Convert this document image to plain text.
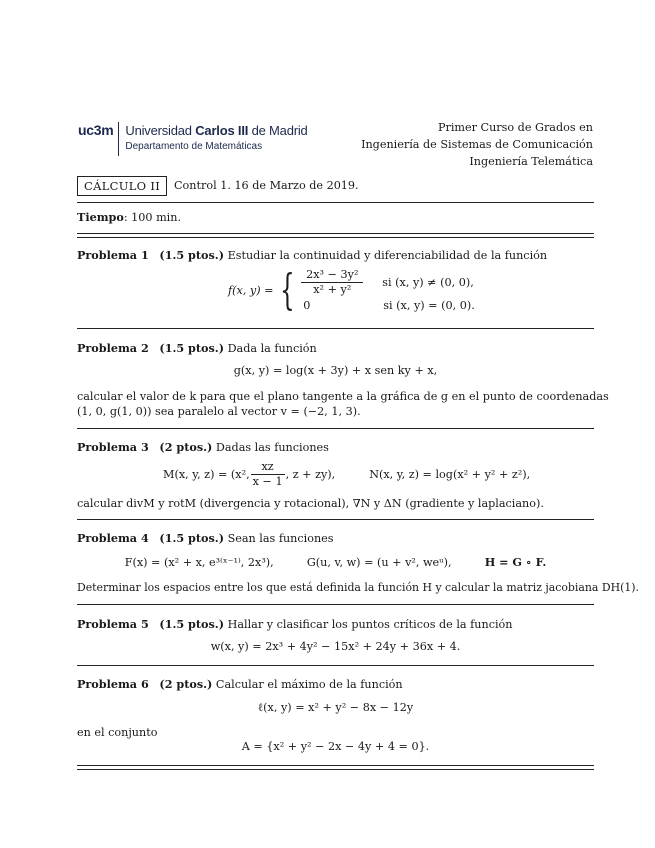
uc3m Universidad Carlos III de Madrid
Departamento de Matemáticas
Primer Curso de Grados en
Ingeniería de Sistemas de Comunicación
Ingeniería Telemática
CÁLCULO II	Control 1. 16 de Marzo de 2019.
Tiempo: 100 min.
Problema 1 (1.5 ptos.) Estudiar la continuidad y diferenciabilidad de la función
f(x, y) = { $\frac{\text{2x³ − 3y²}}{\text{x² + y²}}$ si (x, y) ≠ (0, 0),
0	si (x, y) = (0, 0).
Problema 2 (1.5 ptos.) Dada la función
g(x, y) = log(x + 3y) + x sen ky + x,
calcular el valor de k para que el plano tangente a la gráfica de g en el punto de coordenadas
(1, 0, g(1, 0)) sea paralelo al vector v = (−2, 1, 3).
Problema 3 (2 ptos.) Dadas las funciones
M(x, y, z) = (x², $\frac{xz}{x - 1}$ , z + zy),	N(x, y, z) = log(x² + y² + z²),
calcular divM y rotM (divergencia y rotacional), ∇N y ΔN (gradiente y laplaciano).
Problema 4 (1.5 ptos.) Sean las funciones
F(x) = (x² + x, e³⁽ˣ⁻¹⁾, 2x³),	G(u, v, w) = (u + v², weᵘ),	H = G ∘ F.
Determinar los espacios entre los que está definida la función H y calcular la matriz jacobiana DH(1).
Problema 5 (1.5 ptos.) Hallar y clasificar los puntos críticos de la función
w(x, y) = 2x³ + 4y² − 15x² + 24y + 36x + 4.
Problema 6 (2 ptos.) Calcular el máximo de la función
ℓ(x, y) = x² + y² − 8x − 12y
en el conjunto
A = {x² + y² − 2x − 4y + 4 = 0}.
